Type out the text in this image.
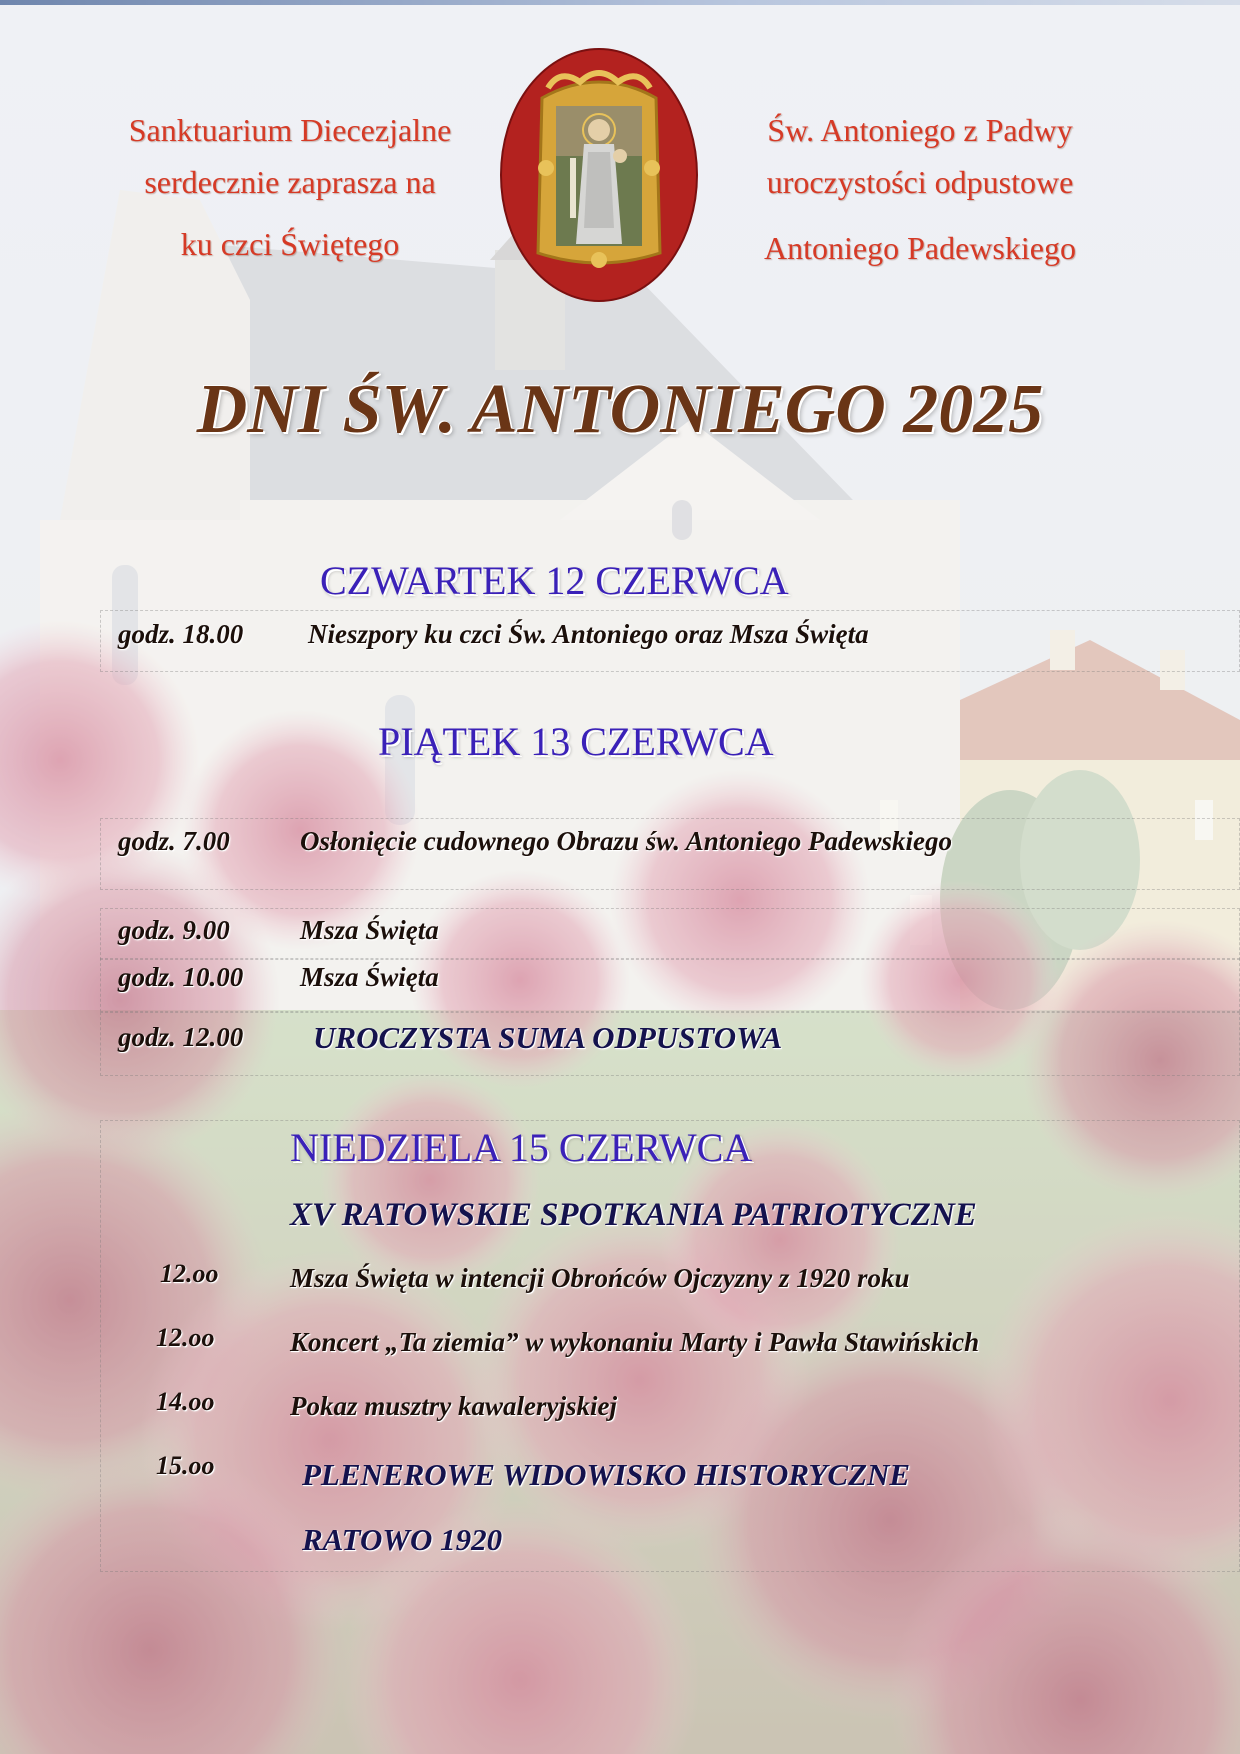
Sanktuarium Diecezjalne
serdecznie zaprasza na
ku czci Świętego
Św. Antoniego z Padwy
uroczystości odpustowe
Antoniego Padewskiego
DNI ŚW. ANTONIEGO 2025
CZWARTEK 12 CZERWCA
godz. 18.00 Nieszpory ku czci Św. Antoniego oraz Msza Święta
PIĄTEK 13 CZERWCA
godz. 7.00	Osłonięcie cudownego Obrazu św. Antoniego Padewskiego
godz. 9.00	Msza Święta
godz. 10.00 Msza Święta
godz. 12.00 UROCZYSTA SUMA ODPUSTOWA
NIEDZIELA 15 CZERWCA
XV RATOWSKIE SPOTKANIA PATRIOTYCZNE
12.oo	Msza Święta w intencji Obrońców Ojczyzny z 1920 roku
12.oo	Koncert „Ta ziemia” w wykonaniu Marty i Pawła Stawińskich
14.oo	Pokaz musztry kawaleryjskiej
15.oo	PLENEROWE WIDOWISKO HISTORYCZNE
RATOWO 1920
